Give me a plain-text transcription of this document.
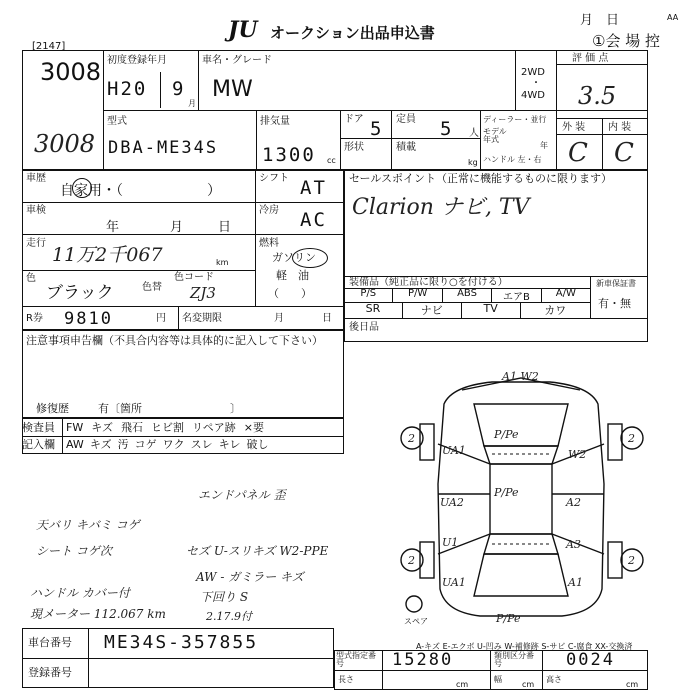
[2147]
JU オークション出品申込書
月　日	AA
①会 場 控
3008
3008
初度登録年月
H20 9
月
車名・グレード
MW
2WD
・
4WD
評 価 点
3.5
型式
DBA-ME34S
排気量
1300 cc
ドア 5 定員 5 人
形状	積載
kg
ディーラー・並行
モデル年式
年
ハンドル 左・右
外 装 内 装
C C
車歴
自家用・（　　　　　　）
シフト AT
車検
年	月	日
冷房 AC
走行
11万2千067	km
燃料
ガソリン
軽　油
（　　）
色
ブラック	色替
色コード
ZJ3
R券 9810	円 名変期限	月	日
セールスポイント（正常に機能するものに限ります）
Clarion ナビ, TV
装備品（純正品に限り○を付ける）	新車保証書
有・無
P/S	P/W	ABS	エアB	A/W
SR	ナビ	TV	カワ
後日品
注意事項申告欄（不具合内容等は具体的に記入して下さい）
修復歴	有〔箇所　　　　　　　　〕
検査員
記入欄
FW キズ 飛石 ヒビ割 リペア跡 ×要
AW キズ 汚 コゲ ワク スレ キレ 破し
エンドパネル 歪
天バリ キバミ コゲ
シート コゲ次	セズ U-スリキズ W2-PPE
AW - ガミラー キズ
ハンドル カバー付
現メーター 112.067 km
下回り S
2.17.9付
A1 W2
P/Pe
2	2
UA1	W2
P/Pe
UA2	A2
U1	A3
2	2
UA1	A1
P/Pe
スペア
A-キズ E-エクボ U-凹み W-補修跡 S-サビ C-腐食 XX-交換済
車台番号 ME34S-357855
登録番号
型式指定番号	15280	類別区分番号	0024
長さ
cm
幅
cm
高さ
cm
